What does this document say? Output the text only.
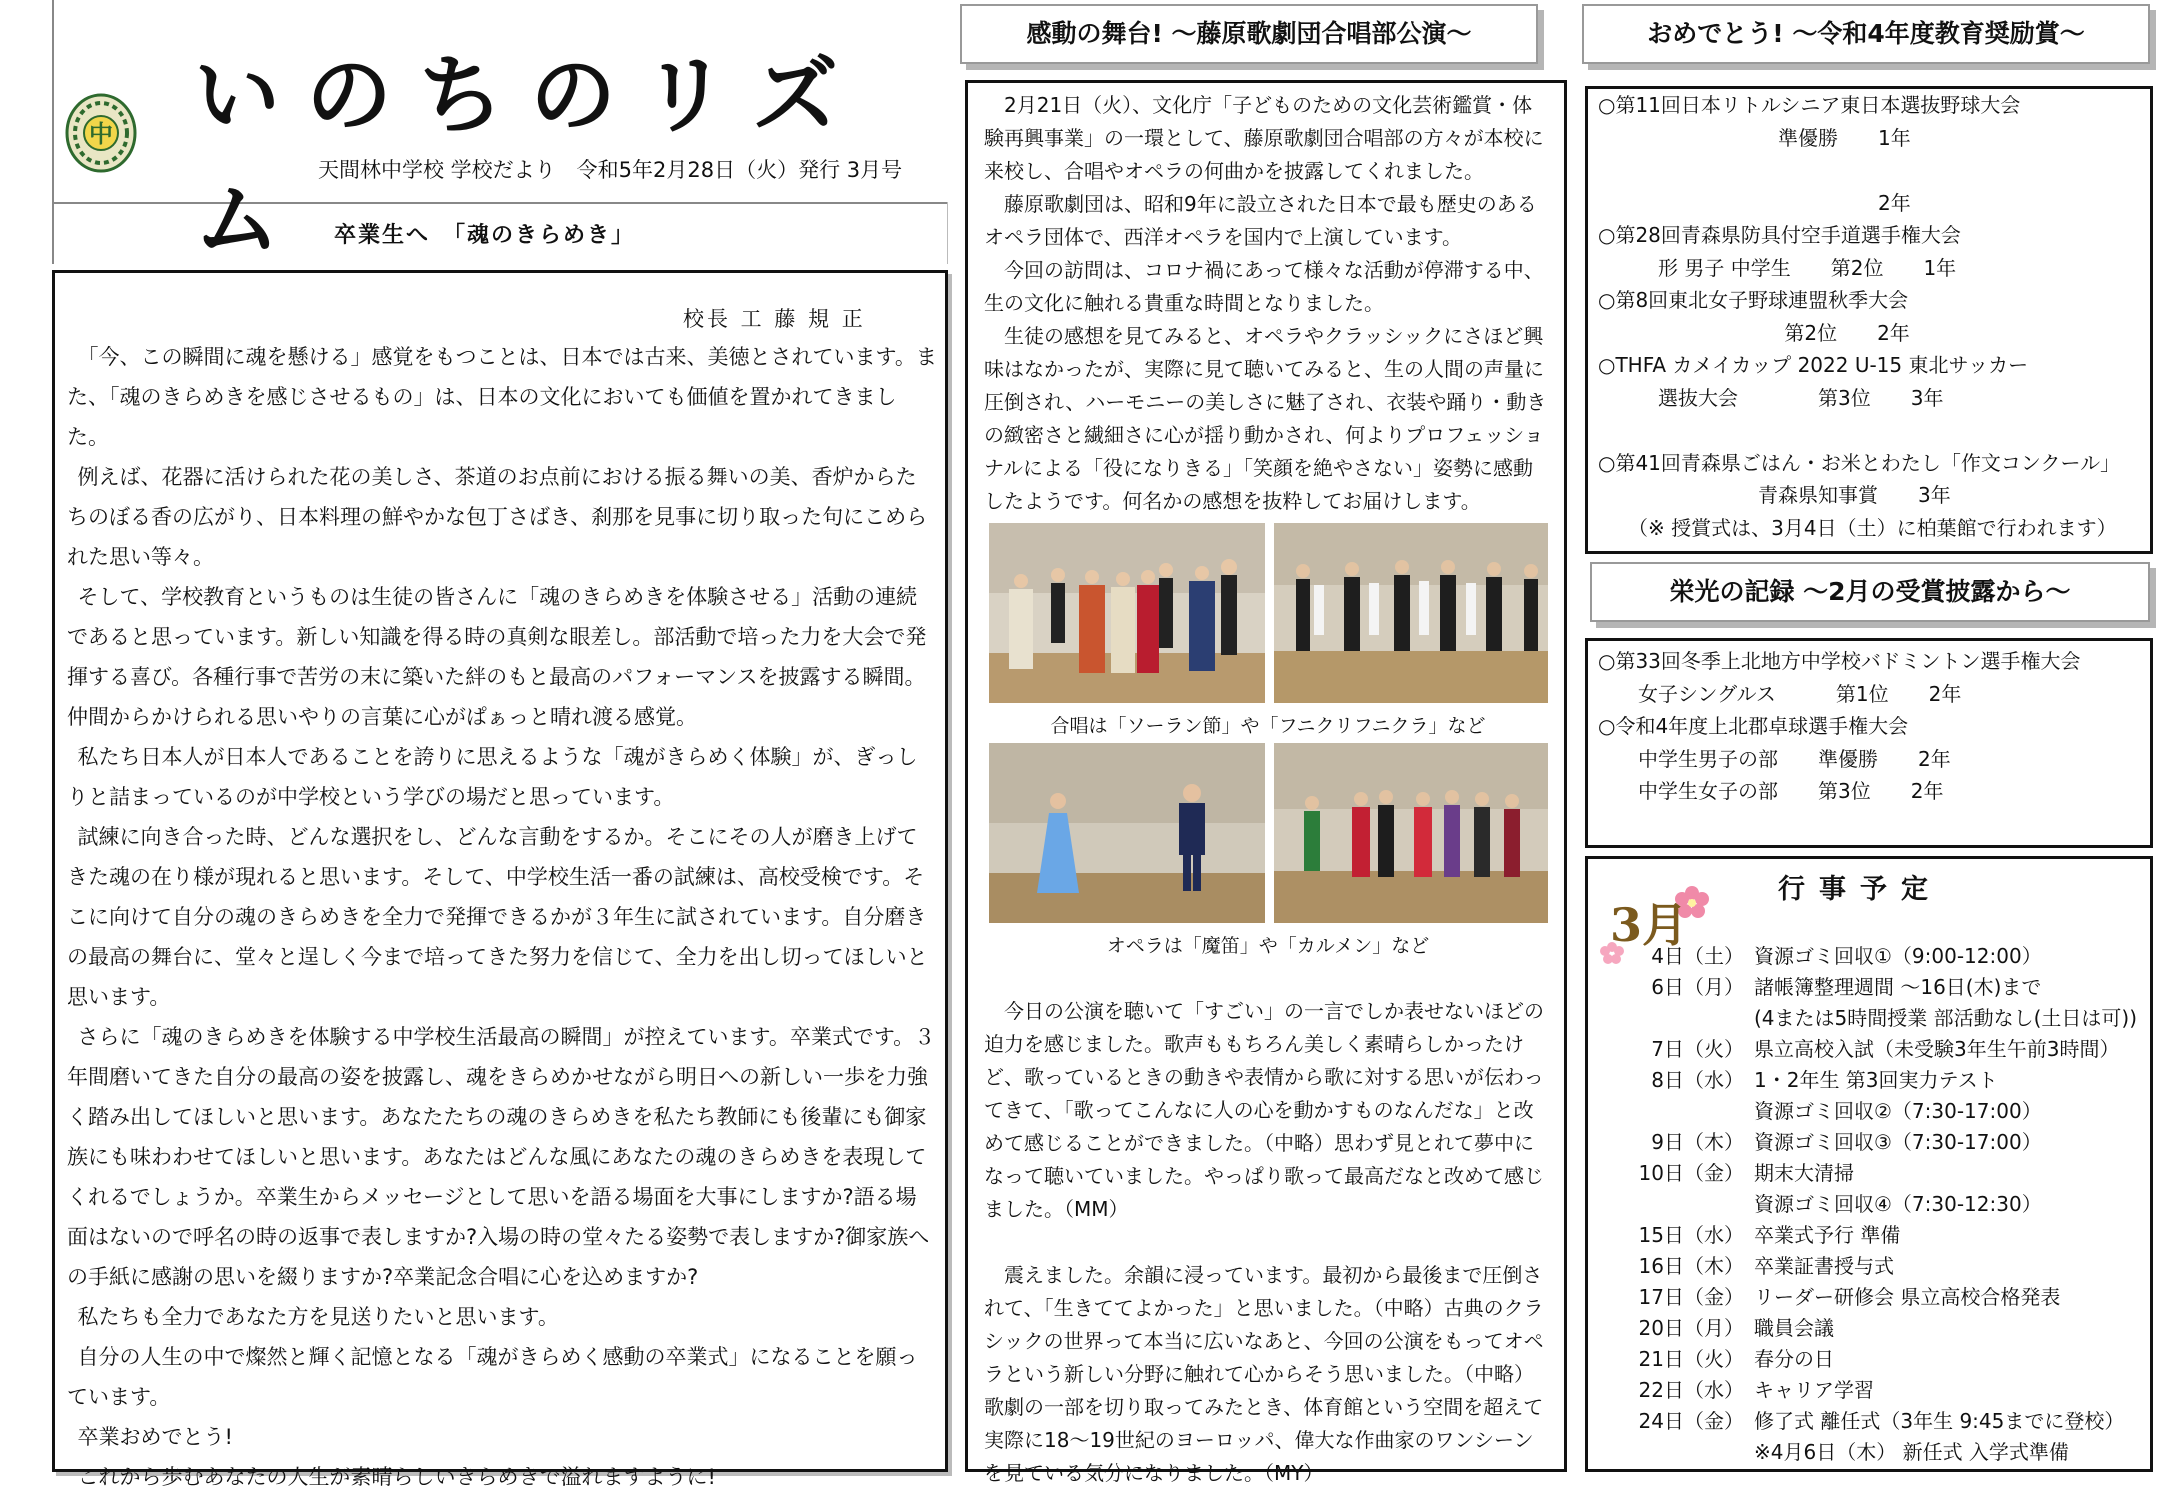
いのちのリズム
中
天間林中学校 学校だより　令和5年2月28日（火）発行 3月号
卒業生へ　「魂のきらめき」
校長 工 藤 規 正

「今、この瞬間に魂を懸ける」感覚をもつことは、日本では古来、美徳とされています。また、「魂のきらめきを感じさせるもの」は、日本の文化においても価値を置かれてきました。

例えば、花器に活けられた花の美しさ、茶道のお点前における振る舞いの美、香炉からたちのぼる香の広がり、日本料理の鮮やかな包丁さばき、刹那を見事に切り取った句にこめられた思い等々。

そして、学校教育というものは生徒の皆さんに「魂のきらめきを体験させる」活動の連続であると思っています。新しい知識を得る時の真剣な眼差し。部活動で培った力を大会で発揮する喜び。各種行事で苦労の末に築いた絆のもと最高のパフォーマンスを披露する瞬間。仲間からかけられる思いやりの言葉に心がぱぁっと晴れ渡る感覚。

私たち日本人が日本人であることを誇りに思えるような「魂がきらめく体験」が、ぎっしりと詰まっているのが中学校という学びの場だと思っています。

試練に向き合った時、どんな選択をし、どんな言動をするか。そこにその人が磨き上げてきた魂の在り様が現れると思います。そして、中学校生活一番の試練は、高校受検です。そこに向けて自分の魂のきらめきを全力で発揮できるかが３年生に試されています。自分磨きの最高の舞台に、堂々と逞しく今まで培ってきた努力を信じて、全力を出し切ってほしいと思います。

さらに「魂のきらめきを体験する中学校生活最高の瞬間」が控えています。卒業式です。３年間磨いてきた自分の最高の姿を披露し、魂をきらめかせながら明日への新しい一歩を力強く踏み出してほしいと思います。あなたたちの魂のきらめきを私たち教師にも後輩にも御家族にも味わわせてほしいと思います。あなたはどんな風にあなたの魂のきらめきを表現してくれるでしょうか。卒業生からメッセージとして思いを語る場面を大事にしますか?語る場面はないので呼名の時の返事で表しますか?入場の時の堂々たる姿勢で表しますか?御家族への手紙に感謝の思いを綴りますか?卒業記念合唱に心を込めますか?

私たちも全力であなた方を見送りたいと思います。

自分の人生の中で燦然と輝く記憶となる「魂がきらめく感動の卒業式」になることを願っています。

卒業おめでとう!

これから歩むあなたの人生が素晴らしいきらめきで溢れますように!

感動の舞台! ～藤原歌劇団合唱部公演～

2月21日（火）、文化庁「子どものための文化芸術鑑賞・体験再興事業」の一環として、藤原歌劇団合唱部の方々が本校に来校し、合唱やオペラの何曲かを披露してくれました。

藤原歌劇団は、昭和9年に設立された日本で最も歴史のあるオペラ団体で、西洋オペラを国内で上演しています。

今回の訪問は、コロナ禍にあって様々な活動が停滞する中、生の文化に触れる貴重な時間となりました。

生徒の感想を見てみると、オペラやクラッシックにさほど興味はなかったが、実際に見て聴いてみると、生の人間の声量に圧倒され、ハーモニーの美しさに魅了され、衣装や踊り・動きの緻密さと繊細さに心が揺り動かされ、何よりプロフェッショナルによる「役になりきる」「笑顔を絶やさない」姿勢に感動したようです。何名かの感想を抜粋してお届けします。

合唱は「ソーラン節」や「フニクリフニクラ」など
オペラは「魔笛」や「カルメン」など

今日の公演を聴いて「すごい」の一言でしか表せないほどの迫力を感じました。歌声ももちろん美しく素晴らしかったけど、歌っているときの動きや表情から歌に対する思いが伝わってきて、「歌ってこんなに人の心を動かすものなんだな」と改めて感じることができました。（中略）思わず見とれて夢中になって聴いていました。やっぱり歌って最高だなと改めて感じました。（MM）

震えました。余韻に浸っています。最初から最後まで圧倒されて、「生きててよかった」と思いました。（中略）古典のクラシックの世界って本当に広いなあと、今回の公演をもってオペラという新しい分野に触れて心からそう思いました。（中略）歌劇の一部を切り取ってみたとき、体育館という空間を超えて実際に18～19世紀のヨーロッパ、偉大な作曲家のワンシーンを見ている気分になりました。（MY）

おめでとう! ～令和4年度教育奨励賞～
○第11回日本リトルシニア東日本選抜野球大会
　　　　　　　　　準優勝　　1年

　　　　　　　　　　　　　　2年
○第28回青森県防具付空手道選手権大会
　　　形 男子 中学生　　第2位　　1年
○第8回東北女子野球連盟秋季大会
　　　　　　　　　 第2位　　2年
○THFA カメイカップ 2022 U-15 東北サッカー
　　　選抜大会　　　　第3位　　3年

○第41回青森県ごはん・お米とわたし「作文コンクール」
　　　　　　　　青森県知事賞　　3年
　　（※ 授賞式は、3月4日（土）に柏葉館で行われます）
栄光の記録 ～2月の受賞披露から～
○第33回冬季上北地方中学校バドミントン選手権大会
　　女子シングルス　　　第1位　　2年
○令和4年度上北郡卓球選手権大会
　　中学生男子の部　　準優勝　　2年
　　中学生女子の部　　第3位　　2年
行事予定
3月
4日（土） 資源ゴミ回収①（9:00-12:00）
6日（月） 諸帳簿整理週間 ～16日(木)まで
(4または5時間授業 部活動なし(土日は可))
7日（火） 県立高校入試（未受験3年生午前3時間）
8日（水） 1・2年生 第3回実力テスト
資源ゴミ回収②（7:30-17:00）
9日（木） 資源ゴミ回収③（7:30-17:00）
10日（金） 期末大清掃
資源ゴミ回収④（7:30-12:30）
15日（水） 卒業式予行 準備
16日（木） 卒業証書授与式
17日（金） リーダー研修会 県立高校合格発表
20日（月） 職員会議
21日（火） 春分の日
22日（水） キャリア学習
24日（金） 修了式 離任式（3年生 9:45までに登校）
※4月6日（木） 新任式 入学式準備
